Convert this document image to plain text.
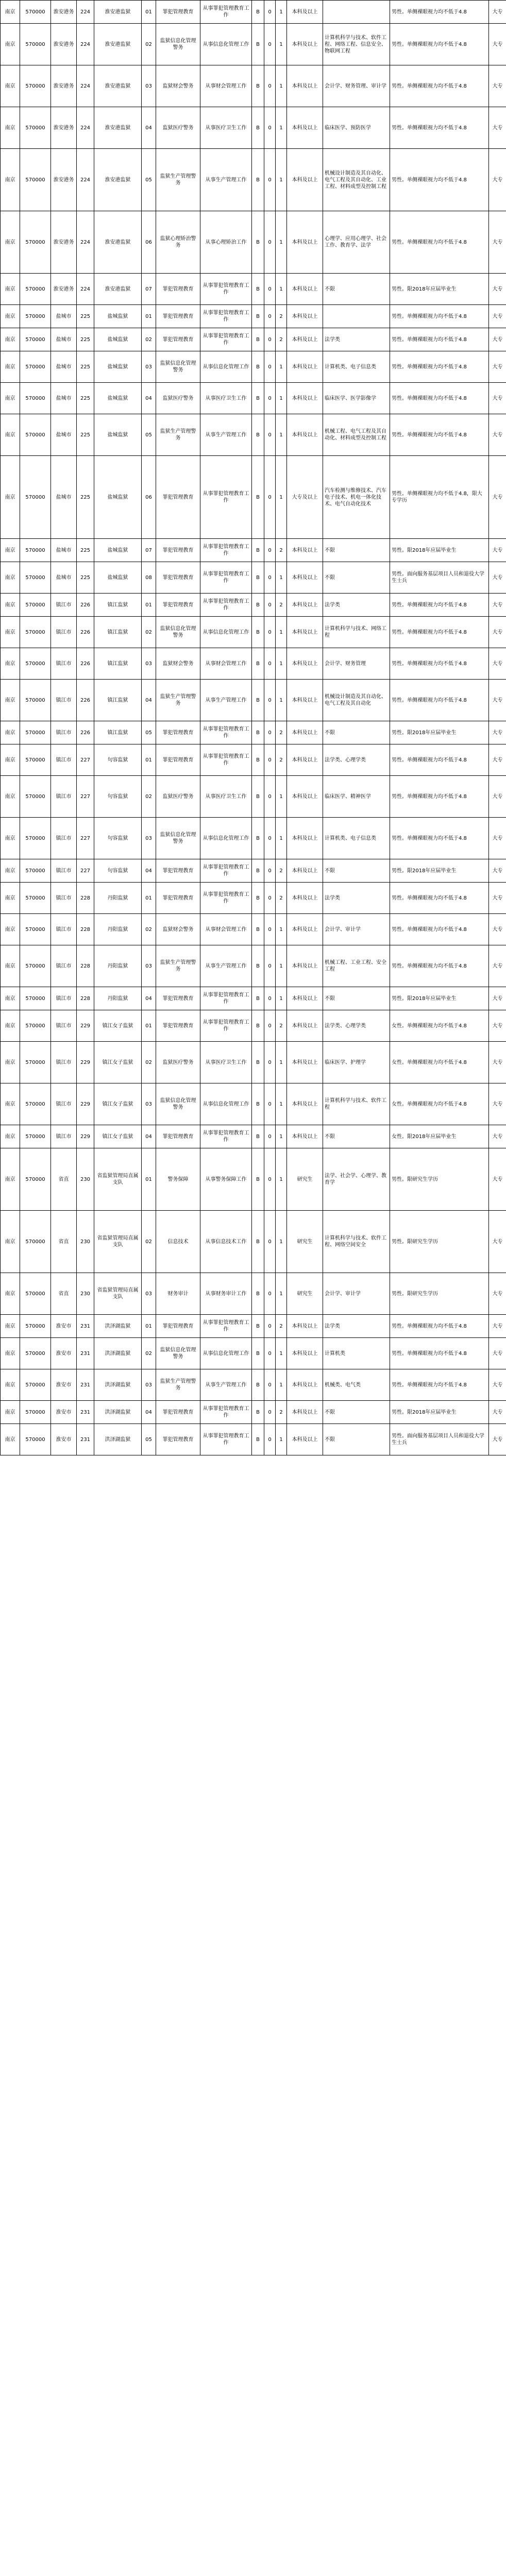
南京	570000	淮安港务	224	淮安港监狱	01	罪犯管理教育	从事罪犯管理教育工作	B	0	1	本科及以上		男性。单侧裸眼视力均不低于4.8	大专
南京	570000	淮安港务	224	淮安港监狱	02	监狱信息化管理警务	从事信息化管理工作	B	0	1	本科及以上	计算机科学与技术、软件工程、网络工程、信息安全、物联网工程	男性。单侧裸眼视力均不低于4.8	大专
南京	570000	淮安港务	224	淮安港监狱	03	监狱财会警务	从事财会管理工作	B	0	1	本科及以上	会计学、财务管理、审计学	男性。单侧裸眼视力均不低于4.8	大专
南京	570000	淮安港务	224	淮安港监狱	04	监狱医疗警务	从事医疗卫生工作	B	0	1	本科及以上	临床医学、预防医学	男性。单侧裸眼视力均不低于4.8	大专
南京	570000	淮安港务	224	淮安港监狱	05	监狱生产管理警务	从事生产管理工作	B	0	1	本科及以上	机械设计制造及其自动化、电气工程及其自动化、工业工程、材料成型及控制工程	男性。单侧裸眼视力均不低于4.8	大专
南京	570000	淮安港务	224	淮安港监狱	06	监狱心理矫治警务	从事心理矫治工作	B	0	1	本科及以上	心理学、应用心理学、社会工作、教育学、法学	男性。单侧裸眼视力均不低于4.8	大专
南京	570000	淮安港务	224	淮安港监狱	07	罪犯管理教育	从事罪犯管理教育工作	B	0	1	本科及以上	不限	男性。限2018年应届毕业生	大专
南京	570000	盐城市	225	盐城监狱	01	罪犯管理教育	从事罪犯管理教育工作	B	0	2	本科及以上		男性。单侧裸眼视力均不低于4.8	大专
南京	570000	盐城市	225	盐城监狱	02	罪犯管理教育	从事罪犯管理教育工作	B	0	2	本科及以上	法学类	男性。单侧裸眼视力均不低于4.8	大专
南京	570000	盐城市	225	盐城监狱	03	监狱信息化管理警务	从事信息化管理工作	B	0	1	本科及以上	计算机类、电子信息类	男性。单侧裸眼视力均不低于4.8	大专
南京	570000	盐城市	225	盐城监狱	04	监狱医疗警务	从事医疗卫生工作	B	0	1	本科及以上	临床医学、医学影像学	男性。单侧裸眼视力均不低于4.8	大专
南京	570000	盐城市	225	盐城监狱	05	监狱生产管理警务	从事生产管理工作	B	0	1	本科及以上	机械工程、电气工程及其自动化、材料成型及控制工程	男性。单侧裸眼视力均不低于4.8	大专
南京	570000	盐城市	225	盐城监狱	06	罪犯管理教育	从事罪犯管理教育工作	B	0	1	大专及以上	汽车检测与维修技术、汽车电子技术、机电一体化技术、电气自动化技术	男性。单侧裸眼视力均不低于4.8，限大专学历	大专
南京	570000	盐城市	225	盐城监狱	07	罪犯管理教育	从事罪犯管理教育工作	B	0	2	本科及以上	不限	男性。限2018年应届毕业生	大专
南京	570000	盐城市	225	盐城监狱	08	罪犯管理教育	从事罪犯管理教育工作	B	0	1	本科及以上	不限	男性。面向服务基层项目人员和退役大学生士兵	大专
南京	570000	镇江市	226	镇江监狱	01	罪犯管理教育	从事罪犯管理教育工作	B	0	2	本科及以上	法学类	男性。单侧裸眼视力均不低于4.8	大专
南京	570000	镇江市	226	镇江监狱	02	监狱信息化管理警务	从事信息化管理工作	B	0	1	本科及以上	计算机科学与技术、网络工程	男性。单侧裸眼视力均不低于4.8	大专
南京	570000	镇江市	226	镇江监狱	03	监狱财会警务	从事财会管理工作	B	0	1	本科及以上	会计学、财务管理	男性。单侧裸眼视力均不低于4.8	大专
南京	570000	镇江市	226	镇江监狱	04	监狱生产管理警务	从事生产管理工作	B	0	1	本科及以上	机械设计制造及其自动化、电气工程及其自动化	男性。单侧裸眼视力均不低于4.8	大专
南京	570000	镇江市	226	镇江监狱	05	罪犯管理教育	从事罪犯管理教育工作	B	0	2	本科及以上	不限	男性。限2018年应届毕业生	大专
南京	570000	镇江市	227	句容监狱	01	罪犯管理教育	从事罪犯管理教育工作	B	0	2	本科及以上	法学类、心理学类	男性。单侧裸眼视力均不低于4.8	大专
南京	570000	镇江市	227	句容监狱	02	监狱医疗警务	从事医疗卫生工作	B	0	1	本科及以上	临床医学、精神医学	男性。单侧裸眼视力均不低于4.8	大专
南京	570000	镇江市	227	句容监狱	03	监狱信息化管理警务	从事信息化管理工作	B	0	1	本科及以上	计算机类、电子信息类	男性。单侧裸眼视力均不低于4.8	大专
南京	570000	镇江市	227	句容监狱	04	罪犯管理教育	从事罪犯管理教育工作	B	0	2	本科及以上	不限	男性。限2018年应届毕业生	大专
南京	570000	镇江市	228	丹阳监狱	01	罪犯管理教育	从事罪犯管理教育工作	B	0	2	本科及以上	法学类	男性。单侧裸眼视力均不低于4.8	大专
南京	570000	镇江市	228	丹阳监狱	02	监狱财会警务	从事财会管理工作	B	0	1	本科及以上	会计学、审计学	男性。单侧裸眼视力均不低于4.8	大专
南京	570000	镇江市	228	丹阳监狱	03	监狱生产管理警务	从事生产管理工作	B	0	1	本科及以上	机械工程、工业工程、安全工程	男性。单侧裸眼视力均不低于4.8	大专
南京	570000	镇江市	228	丹阳监狱	04	罪犯管理教育	从事罪犯管理教育工作	B	0	1	本科及以上	不限	男性。限2018年应届毕业生	大专
南京	570000	镇江市	229	镇江女子监狱	01	罪犯管理教育	从事罪犯管理教育工作	B	0	2	本科及以上	法学类、心理学类	女性。单侧裸眼视力均不低于4.8	大专
南京	570000	镇江市	229	镇江女子监狱	02	监狱医疗警务	从事医疗卫生工作	B	0	1	本科及以上	临床医学、护理学	女性。单侧裸眼视力均不低于4.8	大专
南京	570000	镇江市	229	镇江女子监狱	03	监狱信息化管理警务	从事信息化管理工作	B	0	1	本科及以上	计算机科学与技术、软件工程	女性。单侧裸眼视力均不低于4.8	大专
南京	570000	镇江市	229	镇江女子监狱	04	罪犯管理教育	从事罪犯管理教育工作	B	0	1	本科及以上	不限	女性。限2018年应届毕业生	大专
南京	570000	省直	230	省监狱管理局直属支队	01	警务保障	从事警务保障工作	B	0	1	研究生	法学、社会学、心理学、教育学	男性。限研究生学历	大专
南京	570000	省直	230	省监狱管理局直属支队	02	信息技术	从事信息技术工作	B	0	1	研究生	计算机科学与技术、软件工程、网络空间安全	男性。限研究生学历	大专
南京	570000	省直	230	省监狱管理局直属支队	03	财务审计	从事财务审计工作	B	0	1	研究生	会计学、审计学	男性。限研究生学历	大专
南京	570000	淮安市	231	洪泽湖监狱	01	罪犯管理教育	从事罪犯管理教育工作	B	0	2	本科及以上	法学类	男性。单侧裸眼视力均不低于4.8	大专
南京	570000	淮安市	231	洪泽湖监狱	02	监狱信息化管理警务	从事信息化管理工作	B	0	1	本科及以上	计算机类	男性。单侧裸眼视力均不低于4.8	大专
南京	570000	淮安市	231	洪泽湖监狱	03	监狱生产管理警务	从事生产管理工作	B	0	1	本科及以上	机械类、电气类	男性。单侧裸眼视力均不低于4.8	大专
南京	570000	淮安市	231	洪泽湖监狱	04	罪犯管理教育	从事罪犯管理教育工作	B	0	2	本科及以上	不限	男性。限2018年应届毕业生	大专
南京	570000	淮安市	231	洪泽湖监狱	05	罪犯管理教育	从事罪犯管理教育工作	B	0	1	本科及以上	不限	男性。面向服务基层项目人员和退役大学生士兵	大专
